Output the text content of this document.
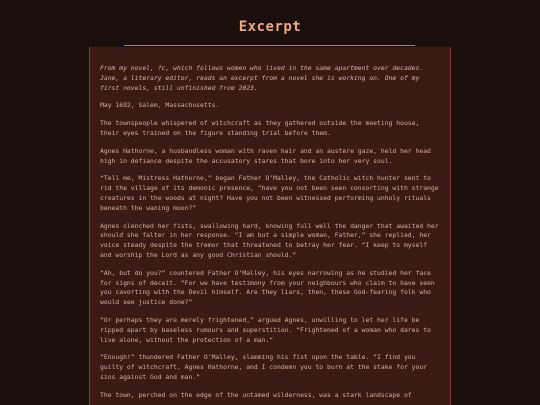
Excerpt

From my novel, ?c, which follows women who lived in the same apartment over decades. Jane, a literary editor, reads an excerpt from a novel she is working on. One of my first novels, still unfinished from 2023.

May 1692, Salem, Massachusetts.

The townspeople whispered of witchcraft as they gathered outside the meeting house, their eyes trained on the figure standing trial before them.

Agnes Hathorne, a husbandless woman with raven hair and an austere gaze, held her head high in defiance despite the accusatory stares that bore into her very soul.

“Tell me, Mistress Hathorne,” began Father O’Malley, the Catholic witch hunter sent to rid the village of its demonic presence, “have you not been seen consorting with strange creatures in the woods at night? Have you not been witnessed performing unholy rituals beneath the waning moon?”

Agnes clenched her fists, swallowing hard, knowing full well the danger that awaited her should she falter in her response. “I am but a simple woman, Father,” she replied, her voice steady despite the tremor that threatened to betray her fear. “I keep to myself and worship the Lord as any good Christian should.”

“Ah, but do you?” countered Father O’Malley, his eyes narrowing as he studied her face for signs of deceit. “For we have testimony from your neighbours who claim to have seen you cavorting with the Devil himself. Are they liars, then, these God-fearing folk who would see justice done?”

“Or perhaps they are merely frightened,” argued Agnes, unwilling to let her life be ripped apart by baseless rumours and superstition. “Frightened of a woman who dares to live alone, without the protection of a man.”

“Enough!” thundered Father O’Malley, slamming his fist upon the table. “I find you guilty of witchcraft, Agnes Hathorne, and I condemn you to burn at the stake for your sins against God and man.”

The town, perched on the edge of the untamed wilderness, was a stark landscape of
